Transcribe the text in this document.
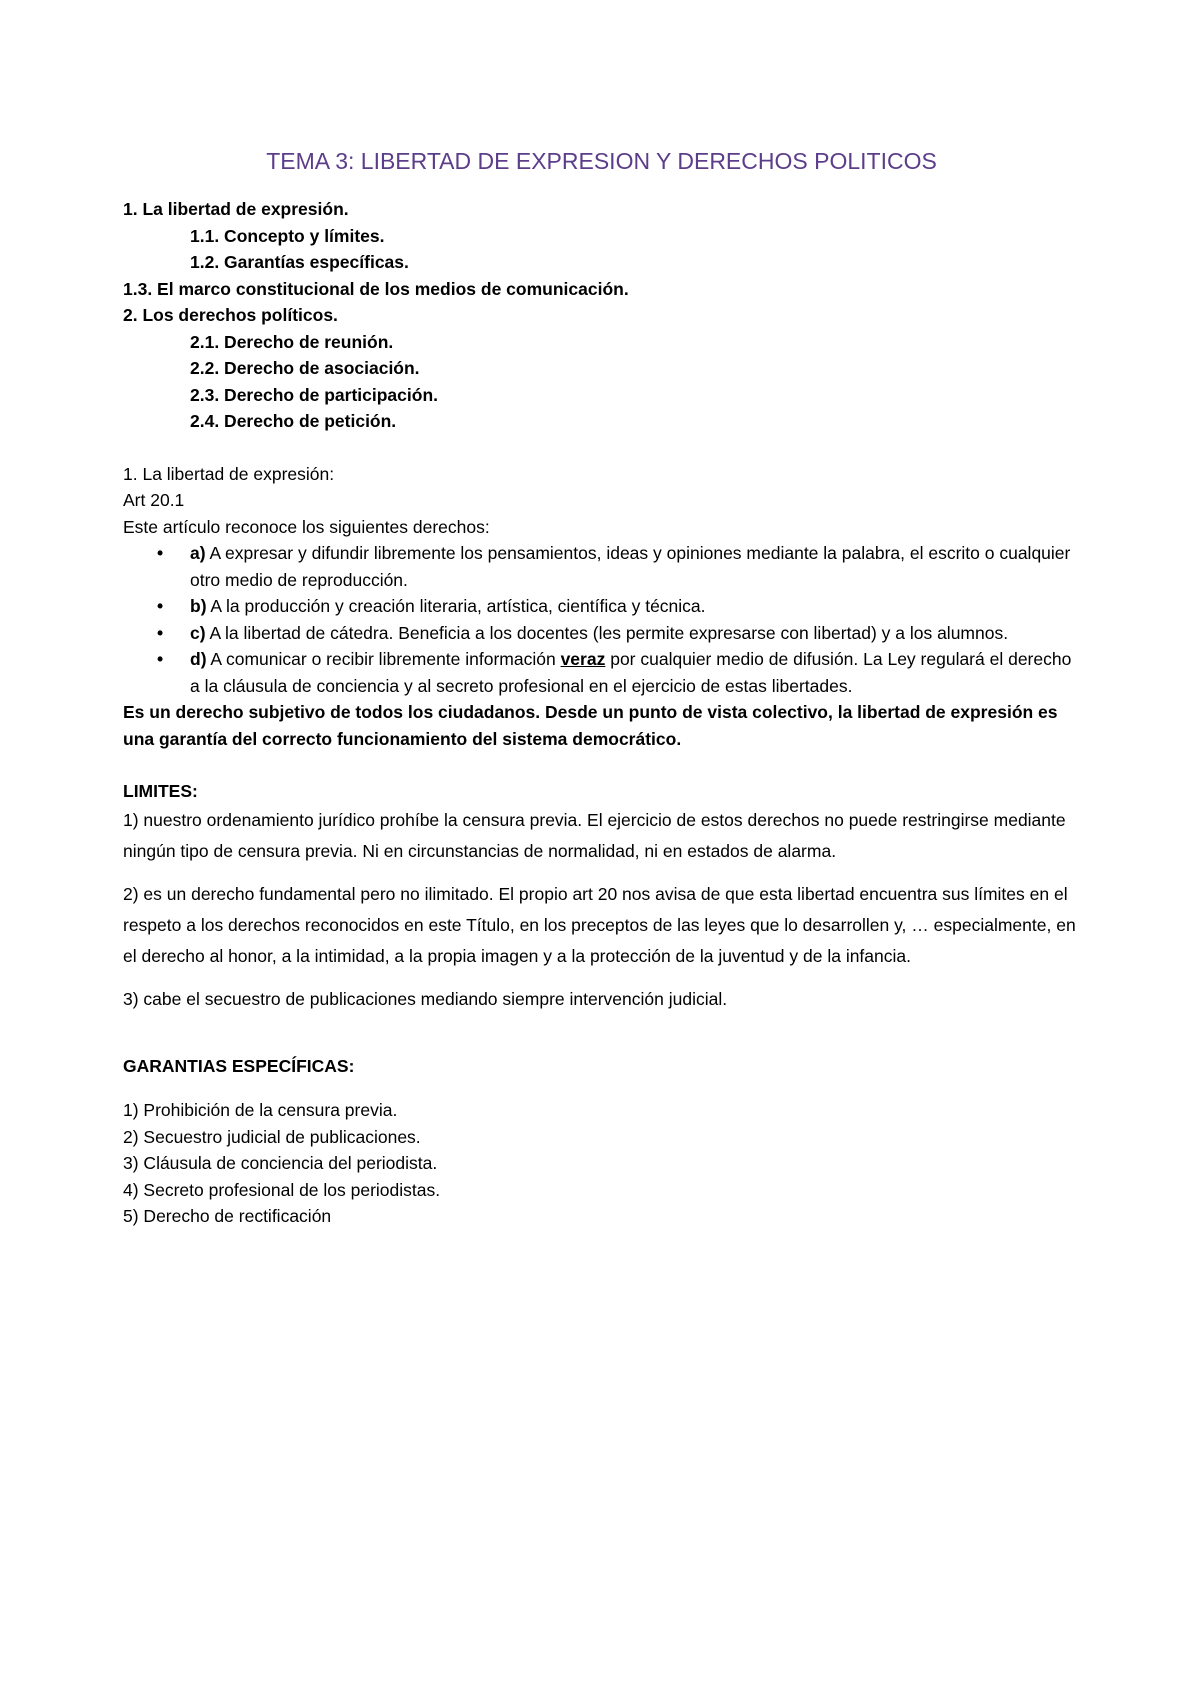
TEMA 3: LIBERTAD DE EXPRESION Y DERECHOS POLITICOS

1. La libertad de expresión.

1.1. Concepto y límites.

1.2. Garantías específicas.

1.3. El marco constitucional de los medios de comunicación.

2. Los derechos políticos.

2.1. Derecho de reunión.

2.2. Derecho de asociación.

2.3. Derecho de participación.

2.4. Derecho de petición.

1. La libertad de expresión:

Art 20.1

Este artículo reconoce los siguientes derechos:

• a) A expresar y difundir libremente los pensamientos, ideas y opiniones mediante la palabra, el escrito o cualquier otro medio de reproducción.
• b) A la producción y creación literaria, artística, científica y técnica.
• c) A la libertad de cátedra. Beneficia a los docentes (les permite expresarse con libertad) y a los alumnos.
• d) A comunicar o recibir libremente información veraz por cualquier medio de difusión. La Ley regulará el derecho a la cláusula de conciencia y al secreto profesional en el ejercicio de estas libertades.

Es un derecho subjetivo de todos los ciudadanos. Desde un punto de vista colectivo, la libertad de expresión es una garantía del correcto funcionamiento del sistema democrático.

LIMITES:

1) nuestro ordenamiento jurídico prohíbe la censura previa. El ejercicio de estos derechos no puede restringirse mediante ningún tipo de censura previa. Ni en circunstancias de normalidad, ni en estados de alarma.

2) es un derecho fundamental pero no ilimitado. El propio art 20 nos avisa de que esta libertad encuentra sus límites en el respeto a los derechos reconocidos en este Título, en los preceptos de las leyes que lo desarrollen y, … especialmente, en el derecho al honor, a la intimidad, a la propia imagen y a la protección de la juventud y de la infancia.

3) cabe el secuestro de publicaciones mediando siempre intervención judicial.

GARANTIAS ESPECÍFICAS:

1) Prohibición de la censura previa.

2) Secuestro judicial de publicaciones.

3) Cláusula de conciencia del periodista.

4) Secreto profesional de los periodistas.

5) Derecho de rectificación
